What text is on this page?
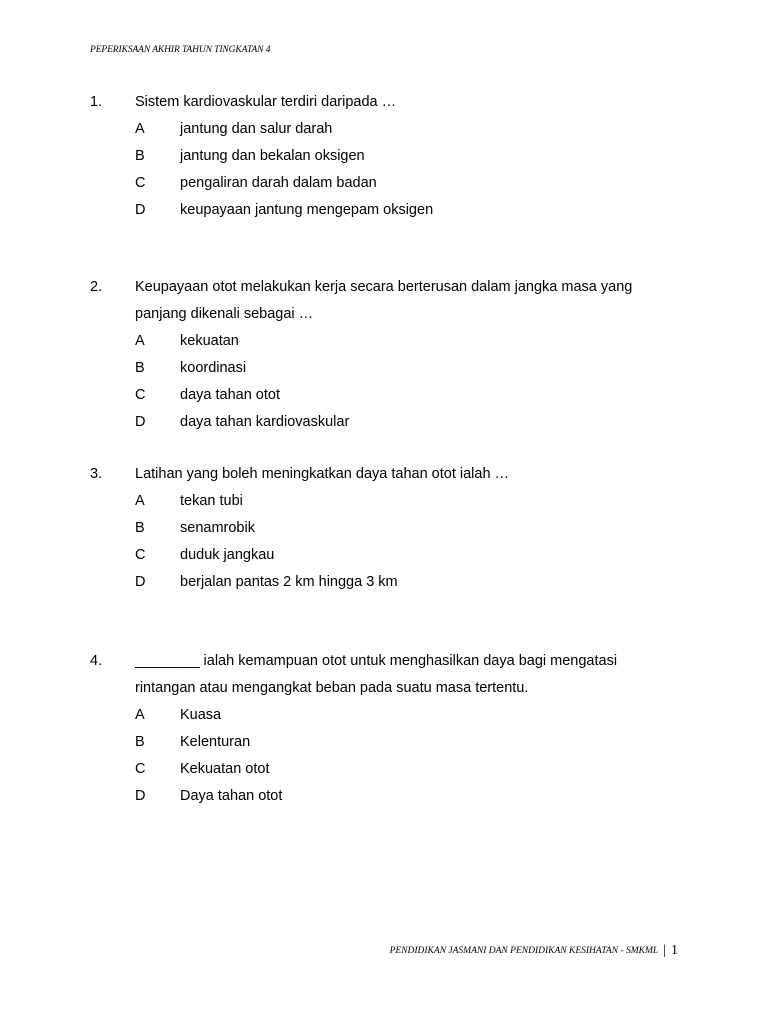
PEPERIKSAAN AKHIR TAHUN TINGKATAN 4
1.	Sistem kardiovaskular terdiri daripada …
A	jantung dan salur darah
B	jantung dan bekalan oksigen
C	pengaliran darah dalam badan
D	keupayaan jantung mengepam oksigen
2.	Keupayaan otot melakukan kerja secara berterusan dalam jangka masa yang
panjang dikenali sebagai …
A	kekuatan
B	koordinasi
C	daya tahan otot
D	daya tahan kardiovaskular
3.	Latihan yang boleh meningkatkan daya tahan otot ialah …
A	tekan tubi
B	senamrobik
C	duduk jangkau
D	berjalan pantas 2 km hingga 3 km
4.	________ ialah kemampuan otot untuk menghasilkan daya bagi mengatasi
rintangan atau mengangkat beban pada suatu masa tertentu.
A	Kuasa
B	Kelenturan
C	Kekuatan otot
D	Daya tahan otot
PENDIDIKAN JASMANI DAN PENDIDIKAN KESIHATAN - SMKML | 1
